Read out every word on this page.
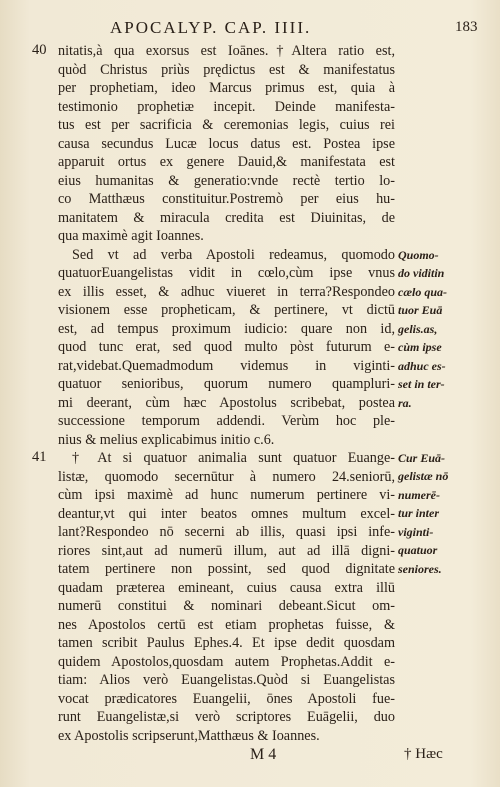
APOCALYP. CAP. IIII.	183
40
41
nitatis,à qua exorsus est Ioānes.†Altera ratio est,
quòd Christus priùs prędictus est & manifestatus
per prophetiam, ideo Marcus primus est, quia à
testimonio prophetiæ incepit. Deinde manifesta-
tus est per sacrificia & ceremonias legis, cuius rei
causa secundus Lucæ locus datus est. Postea ipse
apparuit ortus ex genere Dauid,& manifestata est
eius humanitas & generatio:vnde rectè tertio lo-
co Matthæus constituitur.Postremò per eius hu-
manitatem & miracula credita est Diuinitas, de
qua maximè agit Ioannes.
Sed vt ad verba Apostoli redeamus, quomodo
quatuorEuangelistas vidit in cœlo,cùm ipse vnus
ex illis esset, & adhuc viueret in terra?Respondeo
visionem esse propheticam, & pertinere, vt dictū
est, ad tempus proximum iudicio: quare non id,
quod tunc erat, sed quod multo pòst futurum e-
rat,videbat.Quemadmodum videmus in viginti-
quatuor senioribus, quorum numero quampluri-
mi deerant, cùm hæc Apostolus scribebat, postea
successione temporum addendi. Verùm hoc ple-
nius & melius explicabimus initio c.6.
† At si quatuor animalia sunt quatuor Euange-
listæ, quomodo secernūtur à numero 24.seniorū,
cùm ipsi maximè ad hunc numerum pertinere vi-
deantur,vt qui inter beatos omnes multum excel-
lant?Respondeo nō secerni ab illis, quasi ipsi infe-
riores sint,aut ad numerū illum, aut ad illā digni-
tatem pertinere non possint, sed quod dignitate
quadam præterea emineant, cuius causa extra illū
numerū constitui & nominari debeant.Sicut om-
nes Apostolos certū est etiam prophetas fuisse, &
tamen scribit Paulus Ephes.4. Et ipse dedit quosdam
quidem Apostolos,quosdam autem Prophetas.Addit e-
tiam: Alios verò Euangelistas.Quòd si Euangelistas
vocat prædicatores Euangelii, ōnes Apostoli fue-
runt Euangelistæ,si verò scriptores Euāgelii, duo
ex Apostolis scripserunt,Matthæus & Ioannes.
Quomo-
do viditin
cælo qua-
tuor Euā
gelis.as,
cùm ipse
adhuc es-
set in ter-
ra.
Cur Euā-
gelistæ nō
numerē-
tur inter
viginti-
quatuor
seniores.
M 4	† Hæc
